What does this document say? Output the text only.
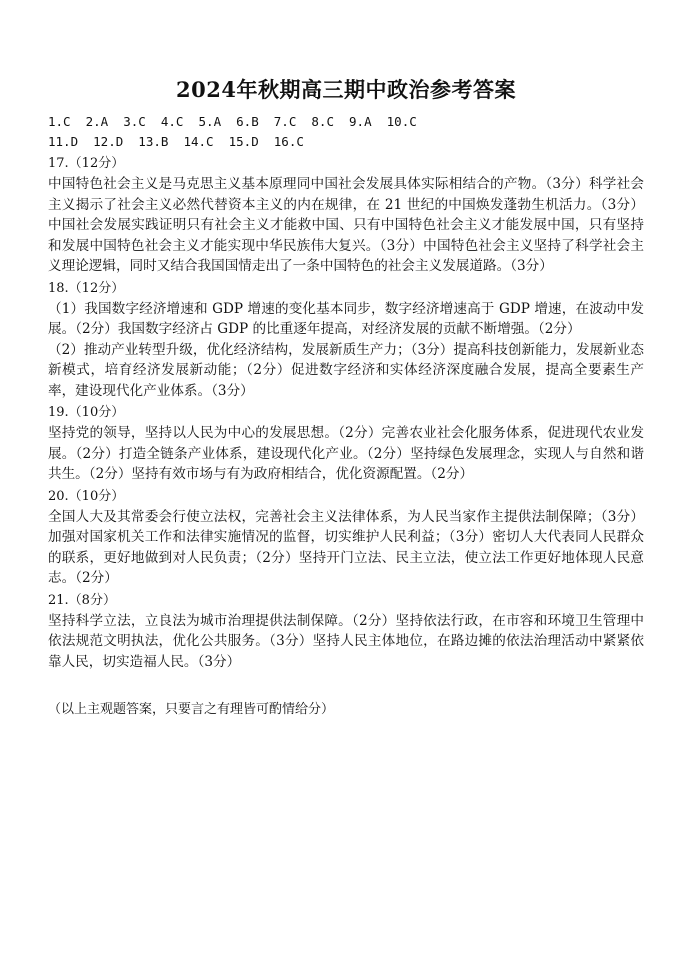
2024年秋期高三期中政治参考答案
1.C  2.A  3.C  4.C  5.A  6.B  7.C  8.C  9.A  10.C
11.D  12.D  13.B  14.C  15.D  16.C
17.（12分）

中国特色社会主义是马克思主义基本原理同中国社会发展具体实际相结合的产物。（3分）科学社会主义揭示了社会主义必然代替资本主义的内在规律，在 21 世纪的中国焕发蓬勃生机活力。（3分）中国社会发展实践证明只有社会主义才能救中国、只有中国特色社会主义才能发展中国，只有坚持和发展中国特色社会主义才能实现中华民族伟大复兴。（3分）中国特色社会主义坚持了科学社会主义理论逻辑，同时又结合我国国情走出了一条中国特色的社会主义发展道路。（3分）

18.（12分）

（1）我国数字经济增速和 GDP 增速的变化基本同步，数字经济增速高于 GDP 增速，在波动中发展。（2分）我国数字经济占 GDP 的比重逐年提高，对经济发展的贡献不断增强。（2分）

（2）推动产业转型升级，优化经济结构，发展新质生产力；（3分）提高科技创新能力，发展新业态新模式，培育经济发展新动能；（2分）促进数字经济和实体经济深度融合发展，提高全要素生产率，建设现代化产业体系。（3分）

19.（10分）

坚持党的领导，坚持以人民为中心的发展思想。（2分）完善农业社会化服务体系，促进现代农业发展。（2分）打造全链条产业体系，建设现代化产业。（2分）坚持绿色发展理念，实现人与自然和谐共生。（2分）坚持有效市场与有为政府相结合，优化资源配置。（2分）

20.（10分）

全国人大及其常委会行使立法权，完善社会主义法律体系，为人民当家作主提供法制保障；（3分）加强对国家机关工作和法律实施情况的监督，切实维护人民利益；（3分）密切人大代表同人民群众的联系，更好地做到对人民负责；（2分）坚持开门立法、民主立法，使立法工作更好地体现人民意志。（2分）

21.（8分）

坚持科学立法，立良法为城市治理提供法制保障。（2分）坚持依法行政，在市容和环境卫生管理中依法规范文明执法，优化公共服务。（3分）坚持人民主体地位，在路边摊的依法治理活动中紧紧依靠人民，切实造福人民。（3分）

（以上主观题答案，只要言之有理皆可酌情给分）
